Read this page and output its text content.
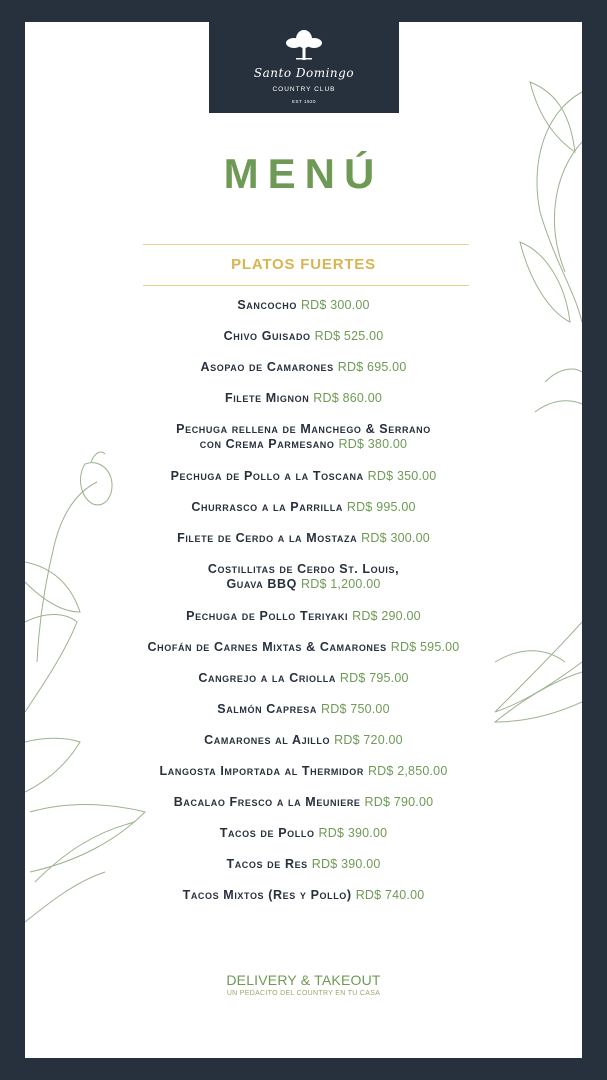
Santo Domingo
COUNTRY CLUB
EST 1920
MENÚ
PLATOS FUERTES
Sancocho RD$ 300.00
Chivo Guisado RD$ 525.00
Asopao de Camarones RD$ 695.00
Filete Mignon RD$ 860.00
Pechuga rellena de Manchego & Serrano
con Crema Parmesano RD$ 380.00
Pechuga de Pollo a la Toscana RD$ 350.00
Churrasco a la Parrilla RD$ 995.00
Filete de Cerdo a la Mostaza RD$ 300.00
Costillitas de Cerdo St. Louis,
Guava BBQ RD$ 1,200.00
Pechuga de Pollo Teriyaki RD$ 290.00
Chofán de Carnes Mixtas & Camarones RD$ 595.00
Cangrejo a la Criolla RD$ 795.00
Salmón Capresa RD$ 750.00
Camarones al Ajillo RD$ 720.00
Langosta Importada al Thermidor RD$ 2,850.00
Bacalao Fresco a la Meuniere RD$ 790.00
Tacos de Pollo RD$ 390.00
Tacos de Res RD$ 390.00
Tacos Mixtos (Res y Pollo) RD$ 740.00
DELIVERY & TAKEOUT
UN PEDACITO DEL COUNTRY EN TU CASA
